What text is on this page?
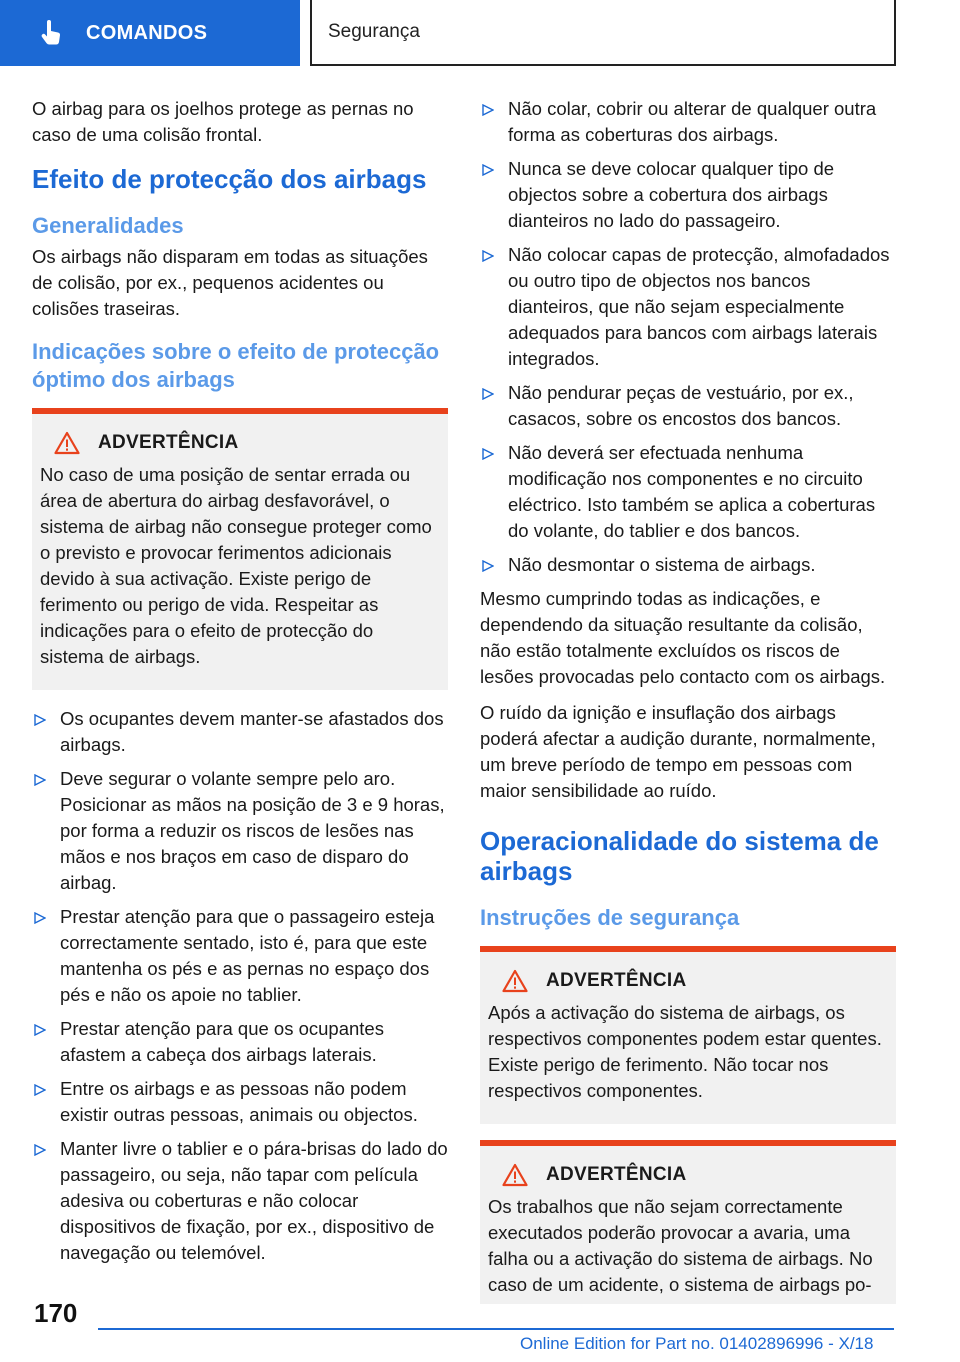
COMANDOS	Segurança

O airbag para os joelhos protege as pernas no caso de uma colisão frontal.

Efeito de protecção dos airbags
Generalidades

Os airbags não disparam em todas as situações de colisão, por ex., pequenos acidentes ou colisões traseiras.

Indicações sobre o efeito de protecção óptimo dos airbags
ADVERTÊNCIA
No caso de uma posição de sentar errada ou área de abertura do airbag desfavorável, o sistema de airbag não consegue proteger como o previsto e provocar ferimentos adicionais devido à sua activação. Existe perigo de ferimento ou perigo de vida. Respeitar as indicações para o efeito de protecção do sistema de airbags.
Os ocupantes devem manter-se afastados dos airbags.
Deve segurar o volante sempre pelo aro. Posicionar as mãos na posição de 3 e 9 horas, por forma a reduzir os riscos de lesões nas mãos e nos braços em caso de disparo do airbag.
Prestar atenção para que o passageiro esteja correctamente sentado, isto é, para que este mantenha os pés e as pernas no espaço dos pés e não os apoie no tablier.
Prestar atenção para que os ocupantes afastem a cabeça dos airbags laterais.
Entre os airbags e as pessoas não podem existir outras pessoas, animais ou objectos.
Manter livre o tablier e o pára-brisas do lado do passageiro, ou seja, não tapar com película adesiva ou coberturas e não colocar dispositivos de fixação, por ex., dispositivo de navegação ou telemóvel.
Não colar, cobrir ou alterar de qualquer outra forma as coberturas dos airbags.
Nunca se deve colocar qualquer tipo de objectos sobre a cobertura dos airbags dianteiros no lado do passageiro.
Não colocar capas de protecção, almofadados ou outro tipo de objectos nos bancos dianteiros, que não sejam especialmente adequados para bancos com airbags laterais integrados.
Não pendurar peças de vestuário, por ex., casacos, sobre os encostos dos bancos.
Não deverá ser efectuada nenhuma modificação nos componentes e no circuito eléctrico. Isto também se aplica a coberturas do volante, do tablier e dos bancos.
Não desmontar o sistema de airbags.

Mesmo cumprindo todas as indicações, e dependendo da situação resultante da colisão, não estão totalmente excluídos os riscos de lesões provocadas pelo contacto com os airbags.

O ruído da ignição e insuflação dos airbags poderá afectar a audição durante, normalmente, um breve período de tempo em pessoas com maior sensibilidade ao ruído.

Operacionalidade do sistema de airbags
Instruções de segurança
ADVERTÊNCIA
Após a activação do sistema de airbags, os respectivos componentes podem estar quentes. Existe perigo de ferimento. Não tocar nos respectivos componentes.
ADVERTÊNCIA
Os trabalhos que não sejam correctamente executados poderão provocar a avaria, uma falha ou a activação do sistema de airbags. No caso de um acidente, o sistema de airbags po-
170
Online Edition for Part no. 01402896996 - X/18
